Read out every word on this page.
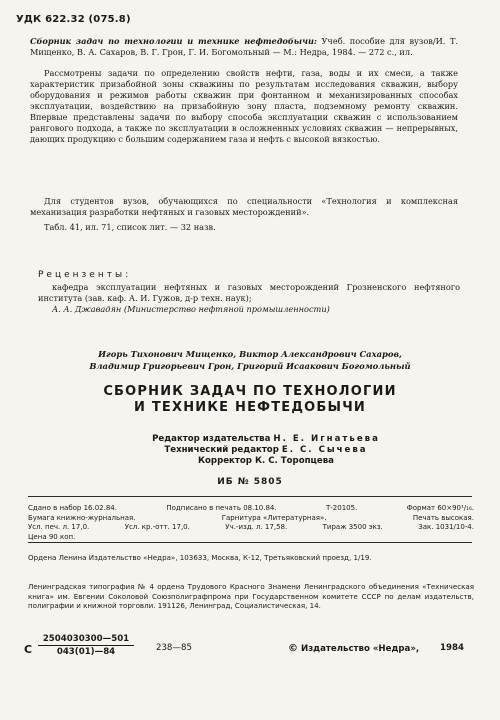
УДК 622.32 (075.8)
Сборник задач по технологии и технике нефтедобычи: Учеб. пособие для вузов/И. Т. Мищенко, В. А. Сахаров, В. Г. Грон, Г. И. Богомольный — М.: Недра, 1984. — 272 с., ил.
Рассмотрены задачи по определению свойств нефти, газа, воды и их смеси, а также характеристик призабойной зоны скважины по результатам исследования скважин, выбору оборудования и режимов работы скважин при фонтанном и механизированных способах эксплуатации, воздействию на призабойную зону пласта, подземному ремонту скважин. Впервые представлены задачи по выбору способа эксплуатации скважин с использованием рангового подхода, а также по эксплуатации в осложненных условиях скважин — непрерывных, дающих продукцию с большим содержанием газа и нефть с высокой вязкостью.
Для студентов вузов, обучающихся по специальности «Технология и комплексная механизация разработки нефтяных и газовых месторождений».
Табл. 41, ил. 71, список лит. — 32 назв.
Рецензенты:
кафедра эксплуатации нефтяных и газовых месторождений Грозненского нефтяного института (зав. каф. А. И. Гужов, д-р техн. наук);
А. А. Джавадян (Министерство нефтяной промышленности)
Игорь Тихонович Мищенко, Виктор Александрович Сахаров,
Владимир Григорьевич Грон, Григорий Исаакович Богомольный
СБОРНИК ЗАДАЧ ПО ТЕХНОЛОГИИ
И ТЕХНИКЕ НЕФТЕДОБЫЧИ
Редактор издательства Н. Е. Игнатьева
Технический редактор Е. С. Сычева
Корректор К. С. Торопцева
ИБ № 5805
Сдано в набор 16.02.84.	Подписано в печать 08.10.84.	Т-20105.	Формат 60×90¹/₁₆.
Бумага книжно-журнальная.	Гарнитура «Литературная».	Печать высокая.
Усл. печ. л. 17,0.	Усл. кр.-отт. 17,0.	Уч.-изд. л. 17,58.	Тираж 3500 экз.	Зак. 1031/10-4.
Цена 90 коп.
Ордена Ленина Издательство «Недра», 103633, Москва, К-12, Третьяковский проезд, 1/19.
Ленинградская типография № 4 ордена Трудового Красного Знамени Ленинградского объединения «Техническая книга» им. Евгении Соколовой Союзполиграфпрома при Государственном комитете СССР по делам издательств, полиграфии и книжной торговли. 191126, Ленинград, Социалистическая, 14.
С
2504030300—501
043(01)—84	238—85	© Издательство «Недра», 1984
